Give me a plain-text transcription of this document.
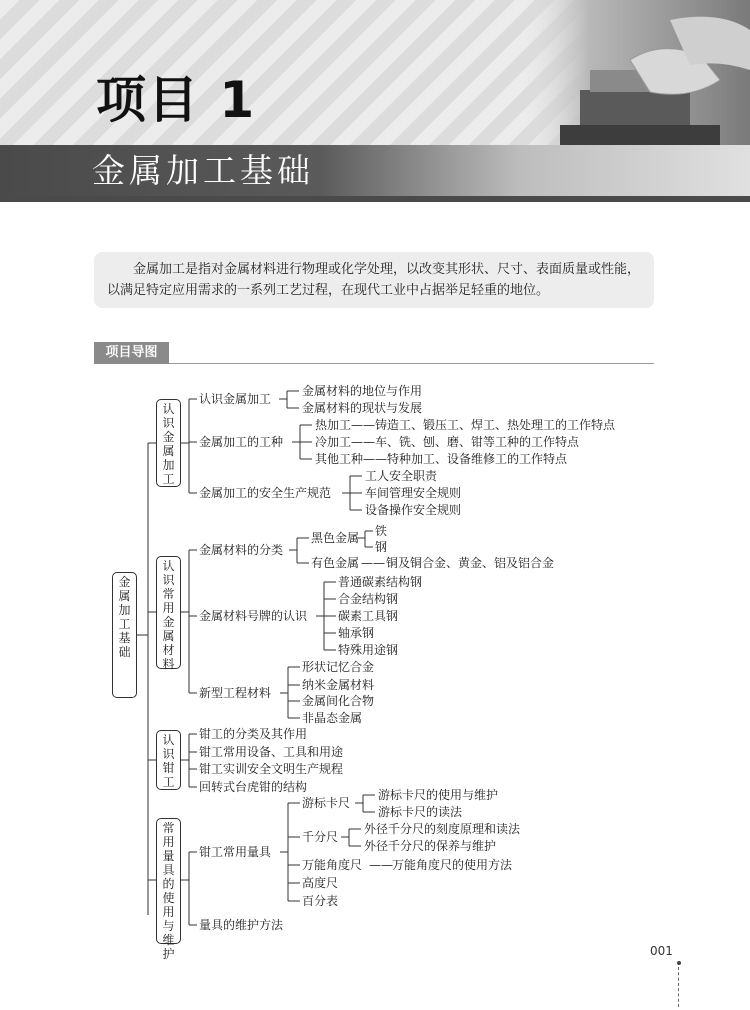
项目 1
金属加工基础
金属加工是指对金属材料进行物理或化学处理，以改变其形状、尺寸、表面质量或性能，以满足特定应用需求的一系列工艺过程，在现代工业中占据举足轻重的地位。
项目导图
金属加工基础
认识金属加工
认识常用金属材料
认识钳工
常用量具的使用与维护
认识金属加工
金属材料的地位与作用
金属材料的现状与发展
金属加工的工种
热加工——铸造工、锻压工、焊工、热处理工的工作特点
冷加工——车、铣、刨、磨、钳等工种的工作特点
其他工种——特种加工、设备维修工的工作特点
金属加工的安全生产规范
工人安全职责
车间管理安全规则
设备操作安全规则
金属材料的分类
黑色金属 铁
钢
有色金属 —— 铜及铜合金、黄金、铝及铝合金
金属材料号牌的认识
普通碳素结构钢
合金结构钢
碳素工具钢
轴承钢
特殊用途钢
新型工程材料
形状记忆合金
纳米金属材料
金属间化合物
非晶态金属
钳工的分类及其作用
钳工常用设备、工具和用途
钳工实训安全文明生产规程
回转式台虎钳的结构
钳工常用量具
游标卡尺
游标卡尺的使用与维护
游标卡尺的读法
千分尺
外径千分尺的刻度原理和读法
外径千分尺的保养与维护
万能角度尺 —— 万能角度尺的使用方法
高度尺
百分表
量具的维护方法
001
